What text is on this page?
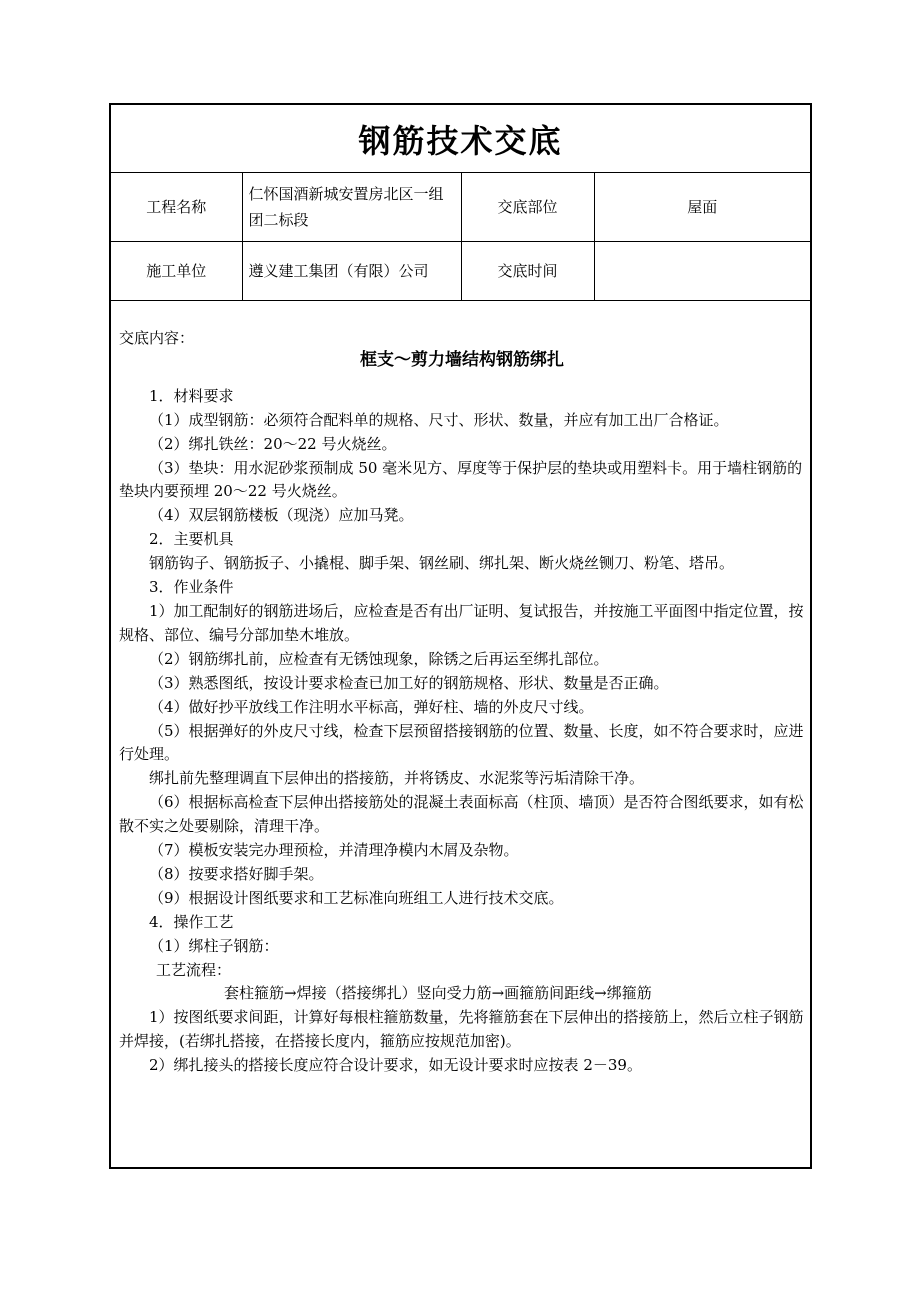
钢筋技术交底
工程名称	仁怀国酒新城安置房北区一组团二标段	交底部位	屋面
施工单位	遵义建工集团（有限）公司	交底时间	

交底内容：

框支～剪力墙结构钢筋绑扎

1．材料要求

（1）成型钢筋：必须符合配料单的规格、尺寸、形状、数量，并应有加工出厂合格证。

（2）绑扎铁丝：20～22 号火烧丝。

（3）垫块：用水泥砂浆预制成 50 毫米见方、厚度等于保护层的垫块或用塑料卡。用于墙柱钢筋的垫块内要预埋 20～22 号火烧丝。

（4）双层钢筋楼板（现浇）应加马凳。

2．主要机具

钢筋钩子、钢筋扳子、小撬棍、脚手架、钢丝刷、绑扎架、断火烧丝铡刀、粉笔、塔吊。

3．作业条件

1）加工配制好的钢筋进场后，应检查是否有出厂证明、复试报告，并按施工平面图中指定位置，按规格、部位、编号分部加垫木堆放。

（2）钢筋绑扎前，应检查有无锈蚀现象，除锈之后再运至绑扎部位。

（3）熟悉图纸，按设计要求检查已加工好的钢筋规格、形状、数量是否正确。

（4）做好抄平放线工作注明水平标高，弹好柱、墙的外皮尺寸线。

（5）根据弹好的外皮尺寸线，检查下层预留搭接钢筋的位置、数量、长度，如不符合要求时，应进行处理。

绑扎前先整理调直下层伸出的搭接筋，并将锈皮、水泥浆等污垢清除干净。

（6）根据标高检查下层伸出搭接筋处的混凝土表面标高（柱顶、墙顶）是否符合图纸要求，如有松散不实之处要剔除，清理干净。

（7）模板安装完办理预检，并清理净模内木屑及杂物。

（8）按要求搭好脚手架。

（9）根据设计图纸要求和工艺标准向班组工人进行技术交底。

4．操作工艺

（1）绑柱子钢筋：

工艺流程：

套柱箍筋→焊接（搭接绑扎）竖向受力筋→画箍筋间距线→绑箍筋

1）按图纸要求间距，计算好每根柱箍筋数量，先将箍筋套在下层伸出的搭接筋上，然后立柱子钢筋并焊接，(若绑扎搭接，在搭接长度内，箍筋应按规范加密)。

2）绑扎接头的搭接长度应符合设计要求，如无设计要求时应按表 2－39。
